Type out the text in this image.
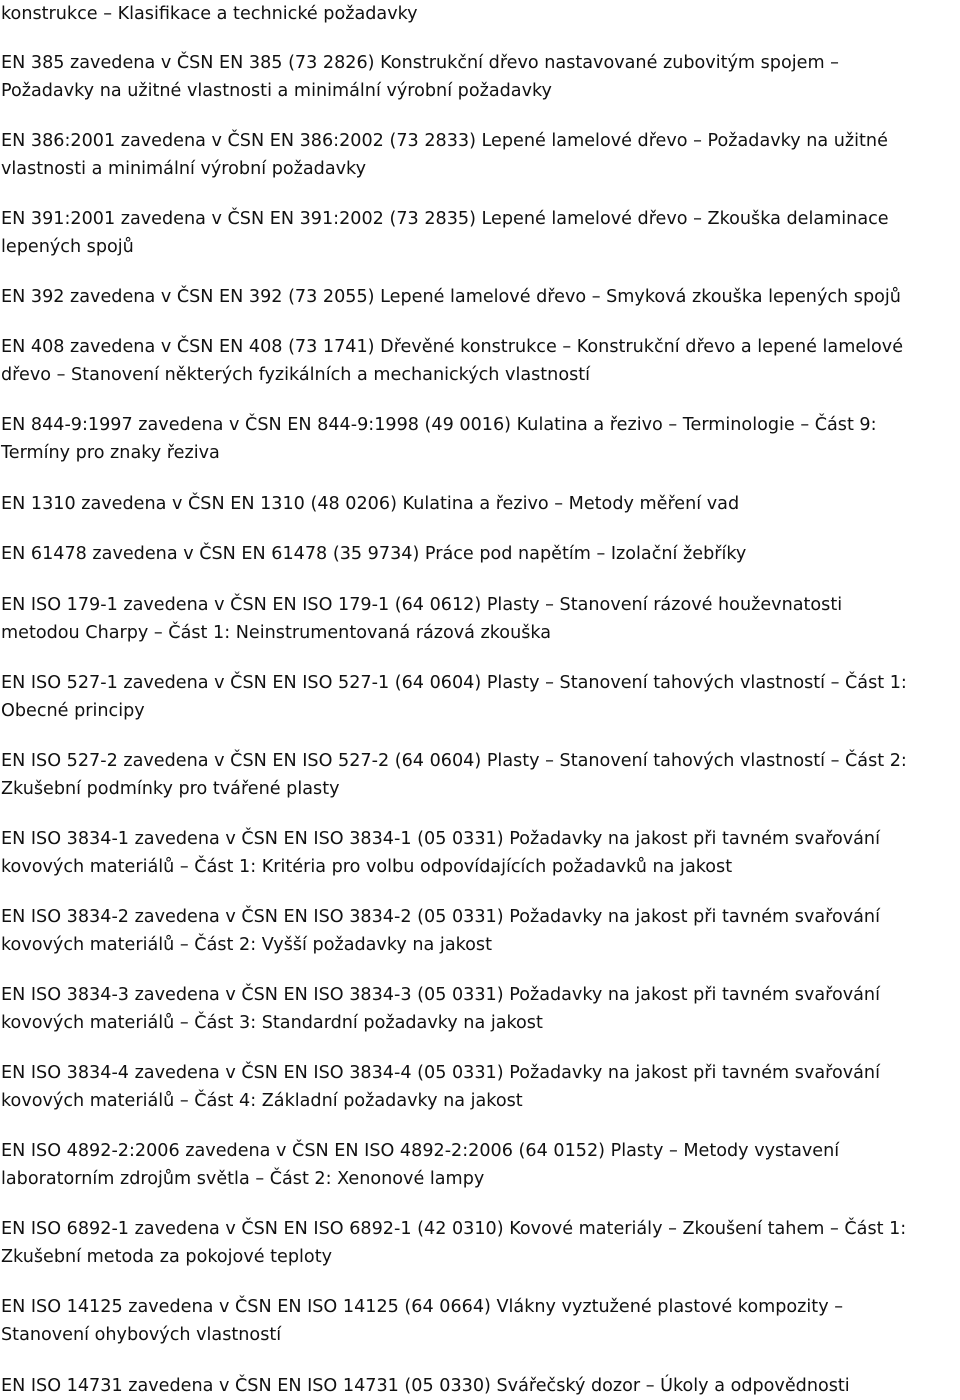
konstrukce – Klasifikace a technické požadavky

EN 385 zavedena v ČSN EN 385 (73 2826) Konstrukční dřevo nastavované zubovitým spojem –
Požadavky na užitné vlastnosti a minimální výrobní požadavky

EN 386:2001 zavedena v ČSN EN 386:2002 (73 2833) Lepené lamelové dřevo – Požadavky na užitné
vlastnosti a minimální výrobní požadavky

EN 391:2001 zavedena v ČSN EN 391:2002 (73 2835) Lepené lamelové dřevo – Zkouška delaminace
lepených spojů

EN 392 zavedena v ČSN EN 392 (73 2055) Lepené lamelové dřevo – Smyková zkouška lepených spojů

EN 408 zavedena v ČSN EN 408 (73 1741) Dřevěné konstrukce – Konstrukční dřevo a lepené lamelové
dřevo – Stanovení některých fyzikálních a mechanických vlastností

EN 844-9:1997 zavedena v ČSN EN 844-9:1998 (49 0016) Kulatina a řezivo – Terminologie – Část 9:
Termíny pro znaky řeziva

EN 1310 zavedena v ČSN EN 1310 (48 0206) Kulatina a řezivo – Metody měření vad

EN 61478 zavedena v ČSN EN 61478 (35 9734) Práce pod napětím – Izolační žebříky

EN ISO 179-1 zavedena v ČSN EN ISO 179-1 (64 0612) Plasty – Stanovení rázové houževnatosti
metodou Charpy – Část 1: Neinstrumentovaná rázová zkouška

EN ISO 527-1 zavedena v ČSN EN ISO 527-1 (64 0604) Plasty – Stanovení tahových vlastností – Část 1:
Obecné principy

EN ISO 527-2 zavedena v ČSN EN ISO 527-2 (64 0604) Plasty – Stanovení tahových vlastností – Část 2:
Zkušební podmínky pro tvářené plasty

EN ISO 3834-1 zavedena v ČSN EN ISO 3834-1 (05 0331) Požadavky na jakost při tavném svařování
kovových materiálů – Část 1: Kritéria pro volbu odpovídajících požadavků na jakost

EN ISO 3834-2 zavedena v ČSN EN ISO 3834-2 (05 0331) Požadavky na jakost při tavném svařování
kovových materiálů – Část 2: Vyšší požadavky na jakost

EN ISO 3834-3 zavedena v ČSN EN ISO 3834-3 (05 0331) Požadavky na jakost při tavném svařování
kovových materiálů – Část 3: Standardní požadavky na jakost

EN ISO 3834-4 zavedena v ČSN EN ISO 3834-4 (05 0331) Požadavky na jakost při tavném svařování
kovových materiálů – Část 4: Základní požadavky na jakost

EN ISO 4892-2:2006 zavedena v ČSN EN ISO 4892-2:2006 (64 0152) Plasty – Metody vystavení
laboratorním zdrojům světla – Část 2: Xenonové lampy

EN ISO 6892-1 zavedena v ČSN EN ISO 6892-1 (42 0310) Kovové materiály – Zkoušení tahem – Část 1:
Zkušební metoda za pokojové teploty

EN ISO 14125 zavedena v ČSN EN ISO 14125 (64 0664) Vlákny vyztužené plastové kompozity –
Stanovení ohybových vlastností

EN ISO 14731 zavedena v ČSN EN ISO 14731 (05 0330) Svářečský dozor – Úkoly a odpovědnosti
